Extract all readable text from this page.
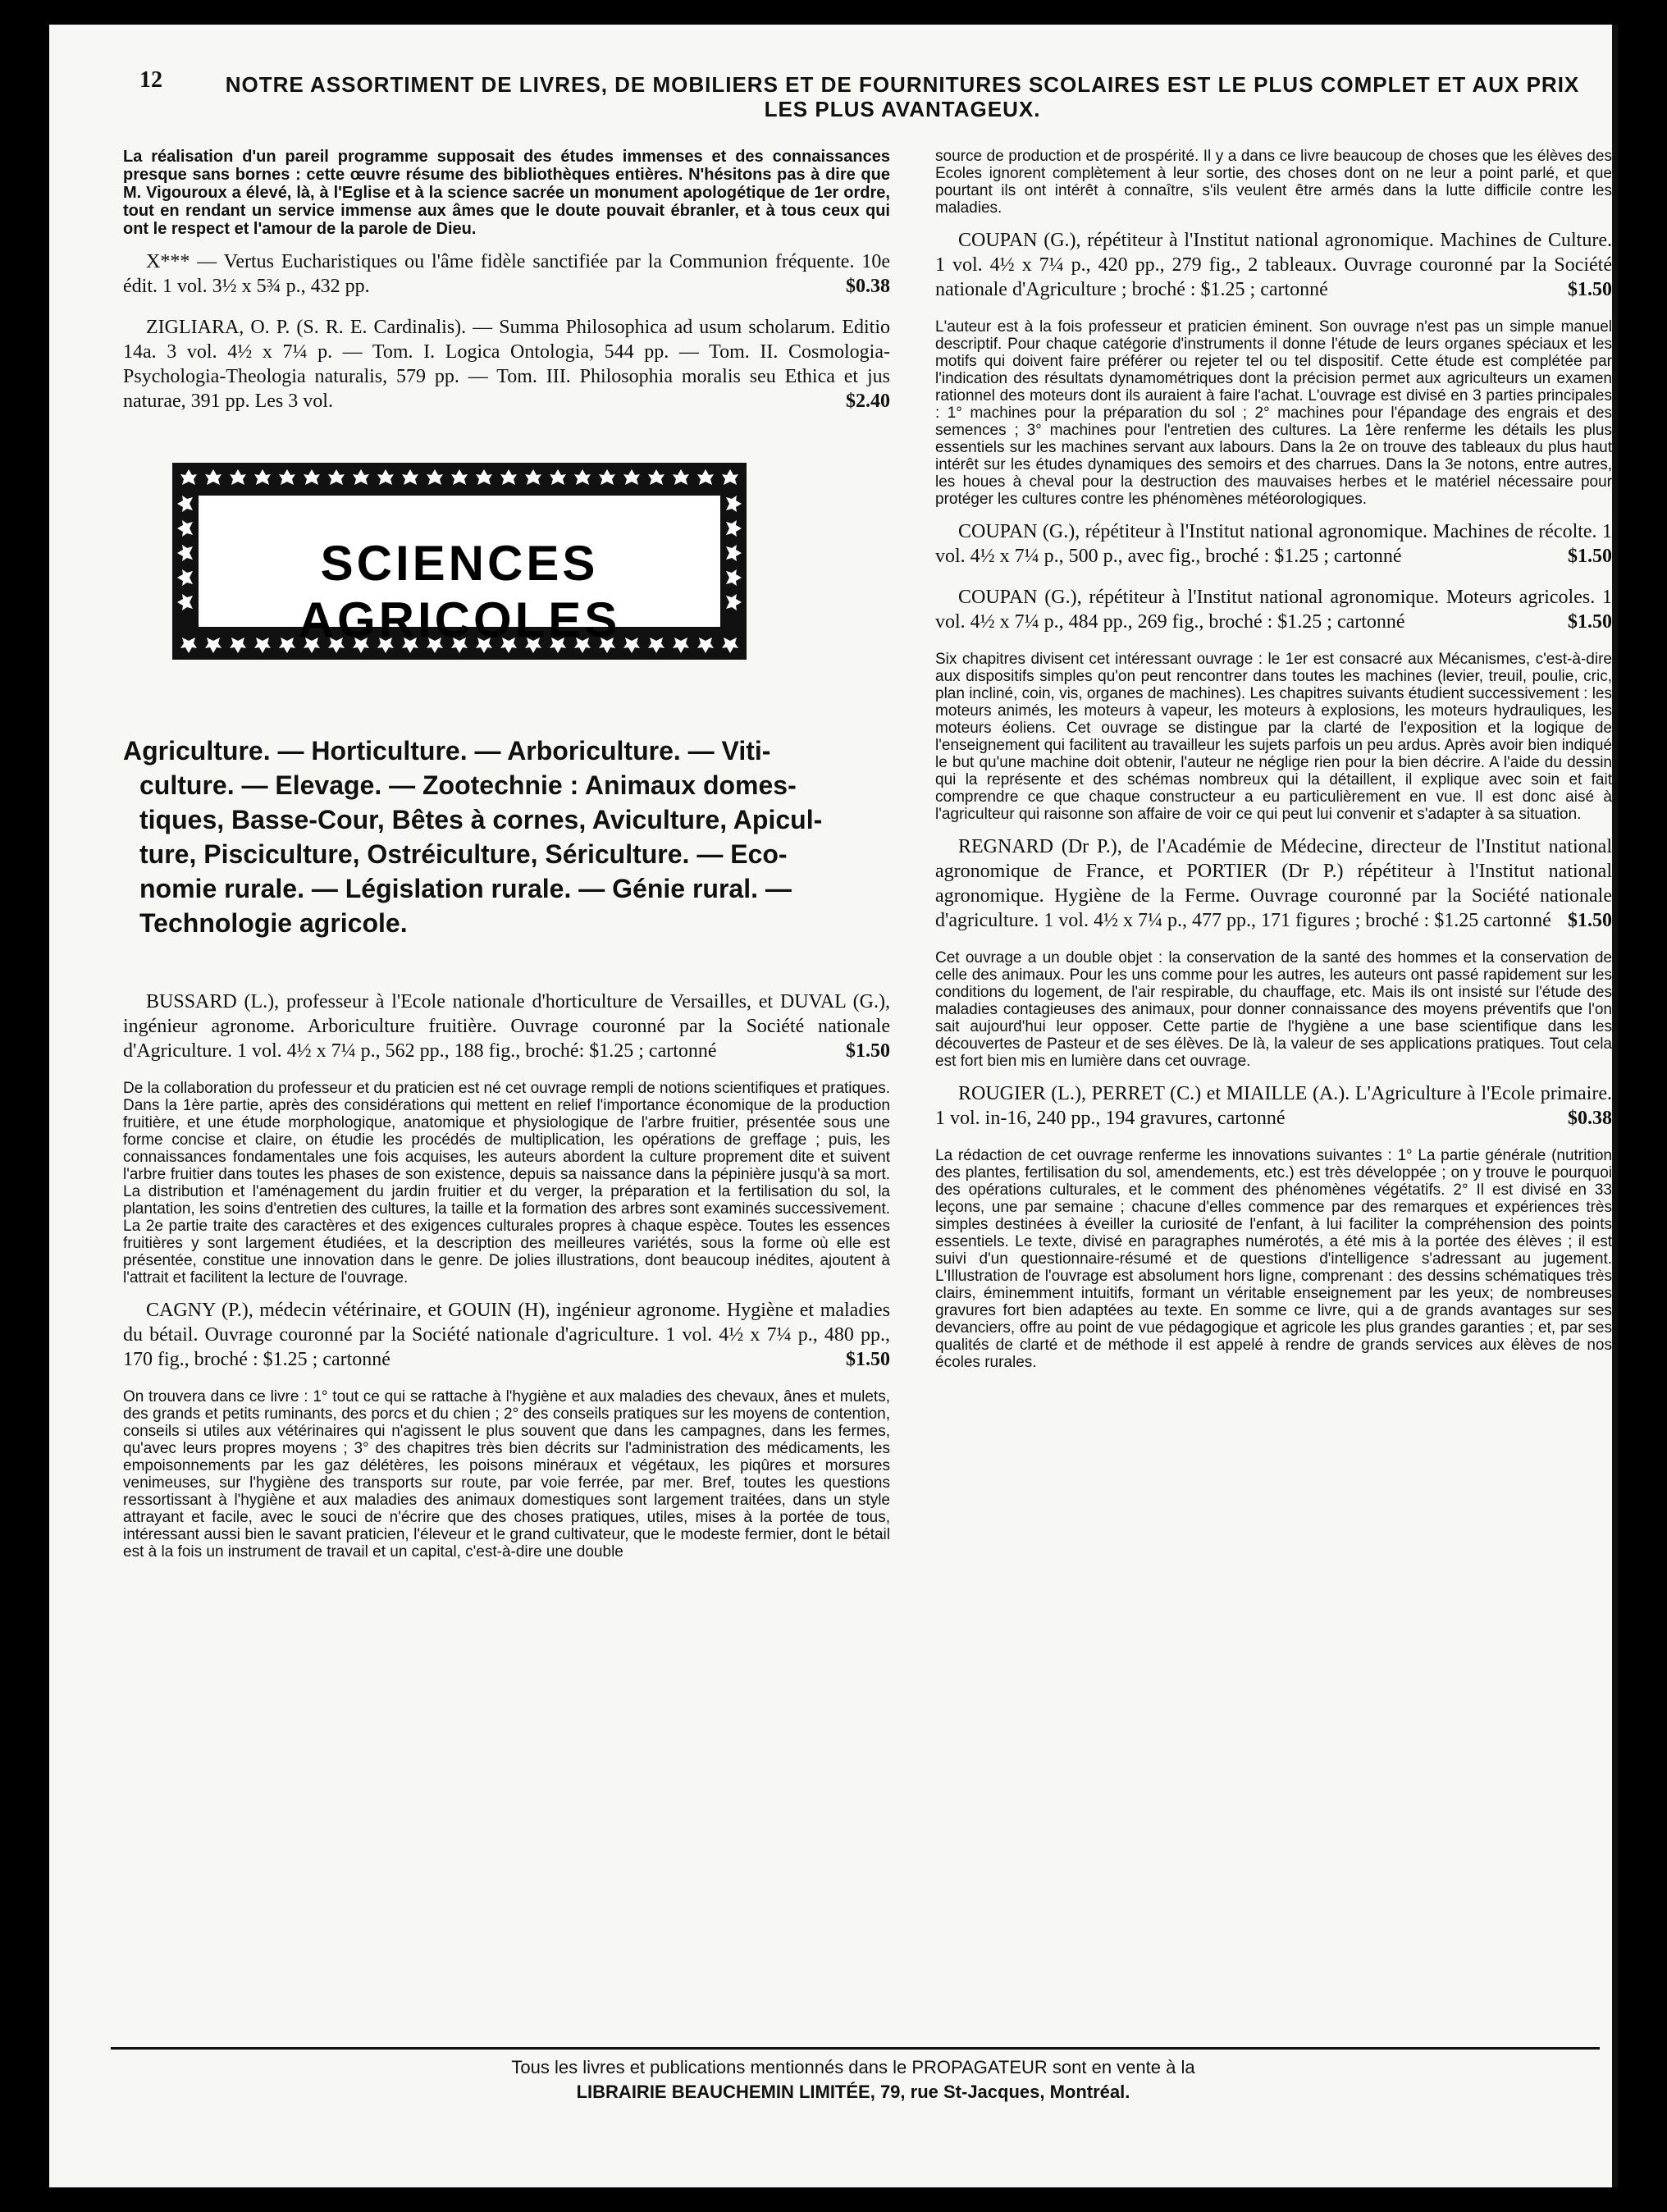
12	NOTRE ASSORTIMENT DE LIVRES, DE MOBILIERS ET DE FOURNITURES SCOLAIRES EST LE PLUS COMPLET ET AUX PRIX LES PLUS AVANTAGEUX.

La réalisation d'un pareil programme supposait des études immenses et des connaissances presque sans bornes : cette œuvre résume des bibliothèques entières. N'hésitons pas à dire que M. Vigouroux a élevé, là, à l'Eglise et à la science sacrée un monument apologétique de 1er ordre, tout en rendant un service immense aux âmes que le doute pouvait ébranler, et à tous ceux qui ont le respect et l'amour de la parole de Dieu.

X*** — Vertus Eucharistiques ou l'âme fidèle sanctifiée par la Communion fréquente. 10e édit. 1 vol. 3½ x 5¾ p., 432 pp.	$0.38
ZIGLIARA, O. P. (S. R. E. Cardinalis). — Summa Philosophica ad usum scholarum. Editio 14a. 3 vol. 4½ x 7¼ p. — Tom. I. Logica Ontologia, 544 pp. — Tom. II. Cosmologia-Psychologia-Theologia naturalis, 579 pp. — Tom. III. Philosophia moralis seu Ethica et jus naturae, 391 pp. Les 3 vol.	$2.40
SCIENCES AGRICOLES
Agriculture. — Horticulture. — Arboriculture. — Viti-
culture. — Elevage. — Zootechnie : Animaux domes-
tiques, Basse-Cour, Bêtes à cornes, Aviculture, Apicul-
ture, Pisciculture, Ostréiculture, Sériculture. — Eco-
nomie rurale. — Législation rurale. — Génie rural. —
Technologie agricole.
BUSSARD (L.), professeur à l'Ecole nationale d'horticulture de Versailles, et DUVAL (G.), ingénieur agronome. Arboriculture fruitière. Ouvrage couronné par la Société nationale d'Agriculture. 1 vol. 4½ x 7¼ p., 562 pp., 188 fig., broché: $1.25 ; cartonné	$1.50

De la collaboration du professeur et du praticien est né cet ouvrage rempli de notions scientifiques et pratiques. Dans la 1ère partie, après des considérations qui mettent en relief l'importance économique de la production fruitière, et une étude morphologique, anatomique et physiologique de l'arbre fruitier, présentée sous une forme concise et claire, on étudie les procédés de multiplication, les opérations de greffage ; puis, les connaissances fondamentales une fois acquises, les auteurs abordent la culture proprement dite et suivent l'arbre fruitier dans toutes les phases de son existence, depuis sa naissance dans la pépinière jusqu'à sa mort. La distribution et l'aménagement du jardin fruitier et du verger, la préparation et la fertilisation du sol, la plantation, les soins d'entretien des cultures, la taille et la formation des arbres sont examinés successivement. La 2e partie traite des caractères et des exigences culturales propres à chaque espèce. Toutes les essences fruitières y sont largement étudiées, et la description des meilleures variétés, sous la forme où elle est présentée, constitue une innovation dans le genre. De jolies illustrations, dont beaucoup inédites, ajoutent à l'attrait et facilitent la lecture de l'ouvrage.

CAGNY (P.), médecin vétérinaire, et GOUIN (H), ingénieur agronome. Hygiène et maladies du bétail. Ouvrage couronné par la Société nationale d'agriculture. 1 vol. 4½ x 7¼ p., 480 pp., 170 fig., broché : $1.25 ; cartonné	$1.50

On trouvera dans ce livre : 1° tout ce qui se rattache à l'hygiène et aux maladies des chevaux, ânes et mulets, des grands et petits ruminants, des porcs et du chien ; 2° des conseils pratiques sur les moyens de contention, conseils si utiles aux vétérinaires qui n'agissent le plus souvent que dans les campagnes, dans les fermes, qu'avec leurs propres moyens ; 3° des chapitres très bien décrits sur l'administration des médicaments, les empoisonnements par les gaz délétères, les poisons minéraux et végétaux, les piqûres et morsures venimeuses, sur l'hygiène des transports sur route, par voie ferrée, par mer. Bref, toutes les questions ressortissant à l'hygiène et aux maladies des animaux domestiques sont largement traitées, dans un style attrayant et facile, avec le souci de n'écrire que des choses pratiques, utiles, mises à la portée de tous, intéressant aussi bien le savant praticien, l'éleveur et le grand cultivateur, que le modeste fermier, dont le bétail est à la fois un instrument de travail et un capital, c'est-à-dire une double

source de production et de prospérité. Il y a dans ce livre beaucoup de choses que les élèves des Ecoles ignorent complètement à leur sortie, des choses dont on ne leur a point parlé, et que pourtant ils ont intérêt à connaître, s'ils veulent être armés dans la lutte difficile contre les maladies.

COUPAN (G.), répétiteur à l'Institut national agronomique. Machines de Culture. 1 vol. 4½ x 7¼ p., 420 pp., 279 fig., 2 tableaux. Ouvrage couronné par la Société nationale d'Agriculture ; broché : $1.25 ; cartonné	$1.50

L'auteur est à la fois professeur et praticien éminent. Son ouvrage n'est pas un simple manuel descriptif. Pour chaque catégorie d'instruments il donne l'étude de leurs organes spéciaux et les motifs qui doivent faire préférer ou rejeter tel ou tel dispositif. Cette étude est complétée par l'indication des résultats dynamométriques dont la précision permet aux agriculteurs un examen rationnel des moteurs dont ils auraient à faire l'achat. L'ouvrage est divisé en 3 parties principales : 1° machines pour la préparation du sol ; 2° machines pour l'épandage des engrais et des semences ; 3° machines pour l'entretien des cultures. La 1ère renferme les détails les plus essentiels sur les machines servant aux labours. Dans la 2e on trouve des tableaux du plus haut intérêt sur les études dynamiques des semoirs et des charrues. Dans la 3e notons, entre autres, les houes à cheval pour la destruction des mauvaises herbes et le matériel nécessaire pour protéger les cultures contre les phénomènes météorologiques.

COUPAN (G.), répétiteur à l'Institut national agronomique. Machines de récolte. 1 vol. 4½ x 7¼ p., 500 p., avec fig., broché : $1.25 ; cartonné	$1.50
COUPAN (G.), répétiteur à l'Institut national agronomique. Moteurs agricoles. 1 vol. 4½ x 7¼ p., 484 pp., 269 fig., broché : $1.25 ; cartonné	$1.50

Six chapitres divisent cet intéressant ouvrage : le 1er est consacré aux Mécanismes, c'est-à-dire aux dispositifs simples qu'on peut rencontrer dans toutes les machines (levier, treuil, poulie, cric, plan incliné, coin, vis, organes de machines). Les chapitres suivants étudient successivement : les moteurs animés, les moteurs à vapeur, les moteurs à explosions, les moteurs hydrauliques, les moteurs éoliens. Cet ouvrage se distingue par la clarté de l'exposition et la logique de l'enseignement qui facilitent au travailleur les sujets parfois un peu ardus. Après avoir bien indiqué le but qu'une machine doit obtenir, l'auteur ne néglige rien pour la bien décrire. A l'aide du dessin qui la représente et des schémas nombreux qui la détaillent, il explique avec soin et fait comprendre ce que chaque constructeur a eu particulièrement en vue. Il est donc aisé à l'agriculteur qui raisonne son affaire de voir ce qui peut lui convenir et s'adapter à sa situation.

REGNARD (Dr P.), de l'Académie de Médecine, directeur de l'Institut national agronomique de France, et PORTIER (Dr P.) répétiteur à l'Institut national agronomique. Hygiène de la Ferme. Ouvrage couronné par la Société nationale d'agriculture. 1 vol. 4½ x 7¼ p., 477 pp., 171 figures ; broché : $1.25 cartonné $1.50

Cet ouvrage a un double objet : la conservation de la santé des hommes et la conservation de celle des animaux. Pour les uns comme pour les autres, les auteurs ont passé rapidement sur les conditions du logement, de l'air respirable, du chauffage, etc. Mais ils ont insisté sur l'étude des maladies contagieuses des animaux, pour donner connaissance des moyens préventifs que l'on sait aujourd'hui leur opposer. Cette partie de l'hygiène a une base scientifique dans les découvertes de Pasteur et de ses élèves. De là, la valeur de ses applications pratiques. Tout cela est fort bien mis en lumière dans cet ouvrage.

ROUGIER (L.), PERRET (C.) et MIAILLE (A.). L'Agriculture à l'Ecole primaire. 1 vol. in-16, 240 pp., 194 gravures, cartonné	$0.38

La rédaction de cet ouvrage renferme les innovations suivantes : 1° La partie générale (nutrition des plantes, fertilisation du sol, amendements, etc.) est très développée ; on y trouve le pourquoi des opérations culturales, et le comment des phénomènes végétatifs. 2° Il est divisé en 33 leçons, une par semaine ; chacune d'elles commence par des remarques et expériences très simples destinées à éveiller la curiosité de l'enfant, à lui faciliter la compréhension des points essentiels. Le texte, divisé en paragraphes numérotés, a été mis à la portée des élèves ; il est suivi d'un questionnaire-résumé et de questions d'intelligence s'adressant au jugement. L'Illustration de l'ouvrage est absolument hors ligne, comprenant : des dessins schématiques très clairs, éminemment intuitifs, formant un véritable enseignement par les yeux; de nombreuses gravures fort bien adaptées au texte. En somme ce livre, qui a de grands avantages sur ses devanciers, offre au point de vue pédagogique et agricole les plus grandes garanties ; et, par ses qualités de clarté et de méthode il est appelé à rendre de grands services aux élèves de nos écoles rurales.

Tous les livres et publications mentionnés dans le PROPAGATEUR sont en vente à la
LIBRAIRIE BEAUCHEMIN LIMITÉE, 79, rue St-Jacques, Montréal.
